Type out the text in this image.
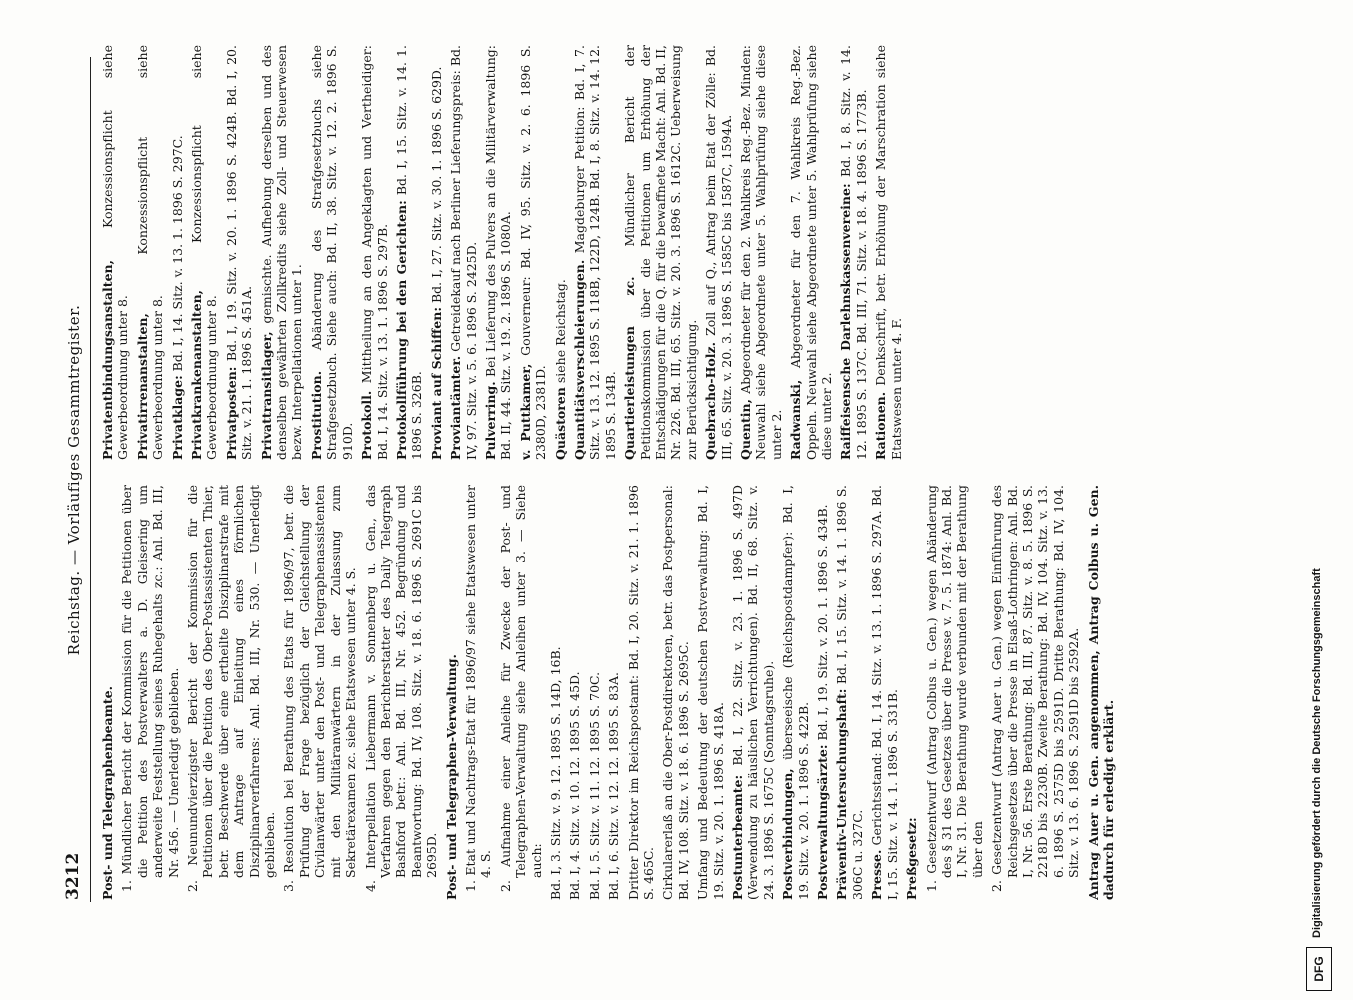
3212
Reichstag. — Vorläufiges Gesammtregister.
Post- und Telegraphenbeamte. 1. Mündlicher Bericht der Kommission für die Petitionen über die Petition des Postverwalters a. D. Gleisering um anderweite Feststellung seines Ruhegehalts zc.: Anl. Bd. III, Nr. 456. — Unerledigt geblieben. 2. Neunundvierzigster Bericht der Kommission für die Petitionen über die Petition des Ober-Postassistenten Thier, betr. Beschwerde über eine ertheilte Disziplinarstrafe mit dem Antrage auf Einleitung eines förmlichen Disziplinarverfahrens: Anl. Bd. III, Nr. 530. — Unerledigt geblieben. 3. Resolution bei Berathung des Etats für 1896/97, betr. die Prüfung der Frage bezüglich der Gleichstellung der Civilanwärter unter den Post- und Telegraphenassistenten mit den Militäranwärtern in der Zulassung zum Sekretärexamen zc. siehe Etatswesen unter 4. S. 4. Interpellation Liebermann v. Sonnenberg u. Gen., das Verfahren gegen den Berichterstatter des Daily Telegraph Bashford betr.: Anl. Bd. III, Nr. 452. Begründung und Beantwortung: Bd. IV, 108. Sitz. v. 18. 6. 1896 S. 2691C bis 2695D. Post- und Telegraphen-Verwaltung. 1. Etat und Nachtrags-Etat für 1896/97 siehe Etatswesen unter 4. S. 2. Aufnahme einer Anleihe für Zwecke der Post- und Telegraphen-Verwaltung siehe Anleihen unter 3. — Siehe auch: Bd. I, 3. Sitz. v. 9. 12. 1895 S. 14D, 16B. Bd. I, 4. Sitz. v. 10. 12. 1895 S. 45D. Bd. I, 5. Sitz. v. 11. 12. 1895 S. 70C. Bd. I, 6. Sitz. v. 12. 12. 1895 S. 83A. Dritter Direktor im Reichspostamt: Bd. I, 20. Sitz. v. 21. 1. 1896 S. 465C. Cirkularerlaß an die Ober-Postdirektoren, betr. das Postpersonal: Bd. IV, 108. Sitz. v. 18. 6. 1896 S. 2695C. Umfang und Bedeutung der deutschen Postverwaltung: Bd. I, 19. Sitz. v. 20. 1. 1896 S. 418A. Postunterbeamte: Bd. I, 22. Sitz. v. 23. 1. 1896 S. 497D (Verwendung zu häuslichen Verrichtungen). Bd. II, 68. Sitz. v. 24. 3. 1896 S. 1675C (Sonntagsruhe). Postverbindungen, überseeische (Reichspostdampfer): Bd. I, 19. Sitz. v. 20. 1. 1896 S. 422B. Postverwaltungsärzte: Bd. I, 19. Sitz. v. 20. 1. 1896 S. 434B.
Präventiv-Untersuchungshaft: Bd. I, 15. Sitz. v. 14. 1. 1896 S. 306C u. 327C. Presse. Gerichtsstand: Bd. I, 14. Sitz. v. 13. 1. 1896 S. 297A. Bd. I, 15. Sitz. v. 14. 1. 1896 S. 331B. Preßgesetz: 1. Gesetzentwurf (Antrag Colbus u. Gen.) wegen Abänderung des § 31 des Gesetzes über die Presse v. 7. 5. 1874: Anl. Bd. I, Nr. 31. Die Berathung wurde verbunden mit der Berathung über den 2. Gesetzentwurf (Antrag Auer u. Gen.) wegen Einführung des Reichsgesetzes über die Presse in Elsaß-Lothringen: Anl. Bd. I, Nr. 56. Erste Berathung: Bd. III, 87. Sitz. v. 8. 5. 1896 S. 2218D bis 2230B. Zweite Berathung: Bd. IV, 104. Sitz. v. 13. 6. 1896 S. 2575D bis 2591D. Dritte Berathung: Bd. IV, 104. Sitz. v. 13. 6. 1896 S. 2591D bis 2592A. Antrag Auer u. Gen. angenommen, Antrag Colbus u. Gen. dadurch für erledigt erklärt.
Privatentbindungsanstalten, Konzessionspflicht siehe Gewerbeordnung unter 8. Privatirrenanstalten, Konzessionspflicht siehe Gewerbeordnung unter 8. Privatklage: Bd. I, 14. Sitz. v. 13. 1. 1896 S. 297C.
Privatkrankenanstalten, Konzessionspflicht siehe Gewerbeordnung unter 8. Privatposten: Bd. I, 19. Sitz. v. 20. 1. 1896 S. 424B. Bd. I, 20. Sitz. v. 21. 1. 1896 S. 451A. Privattransitlager, gemischte. Aufhebung derselben und des denselben gewährten Zollkredits siehe Zoll- und Steuerwesen bezw. Interpellationen unter 1. Prostitution. Abänderung des Strafgesetzbuchs siehe Strafgesetzbuch. Siehe auch: Bd. II, 38. Sitz. v. 12. 2. 1896 S. 910D. Protokoll. Mittheilung an den Angeklagten und Vertheidiger: Bd. I, 14. Sitz. v. 13. 1. 1896 S. 297B. Protokollführung bei den Gerichten: Bd. I, 15. Sitz. v. 14. 1. 1896 S. 326B. Proviant auf Schiffen: Bd. I, 27. Sitz. v. 30. 1. 1896 S. 629D.
Proviantämter. Getreidekauf nach Berliner Lieferungspreis: Bd. IV, 97. Sitz. v. 5. 6. 1896 S. 2425D. Pulverring. Bei Lieferung des Pulvers an die Militärverwaltung: Bd. II, 44. Sitz. v. 19. 2. 1896 S. 1080A. v. Puttkamer, Gouverneur: Bd. IV, 95. Sitz. v. 2. 6. 1896 S. 2380D, 2381D. Quästoren siehe Reichstag. Quantitätsverschleierungen. Magdeburger Petition: Bd. I, 7. Sitz. v. 13. 12. 1895 S. 118B, 122D, 124B. Bd. I, 8. Sitz. v. 14. 12. 1895 S. 134B. Quartierleistungen zc. Mündlicher Bericht der Petitionskommission über die Petitionen um Erhöhung der Entschädigungen für die Q. für die bewaffnete Macht: Anl. Bd. II, Nr. 226. Bd. III, 65. Sitz. v. 20. 3. 1896 S. 1612C. Ueberweisung zur Berücksichtigung. Quebracho-Holz. Zoll auf Q., Antrag beim Etat der Zölle: Bd. III, 65. Sitz. v. 20. 3. 1896 S. 1585C bis 1587C, 1594A. Quentin, Abgeordneter für den 2. Wahlkreis Reg.-Bez. Minden: Neuwahl siehe Abgeordnete unter 5. Wahlprüfung siehe diese unter 2. Radwanski, Abgeordneter für den 7. Wahlkreis Reg.-Bez. Oppeln. Neuwahl siehe Abgeordnete unter 5. Wahlprüfung siehe diese unter 2. Raiffeisensche Darlehnskassenvereine: Bd. I, 8. Sitz. v. 14. 12. 1895 S. 137C. Bd. III, 71. Sitz. v. 18. 4. 1896 S. 1773B. Rationen. Denkschrift, betr. Erhöhung der Marschration siehe Etatswesen unter 4. F.
DFG
Digitalisierung gefördert durch die Deutsche Forschungsgemeinschaft
